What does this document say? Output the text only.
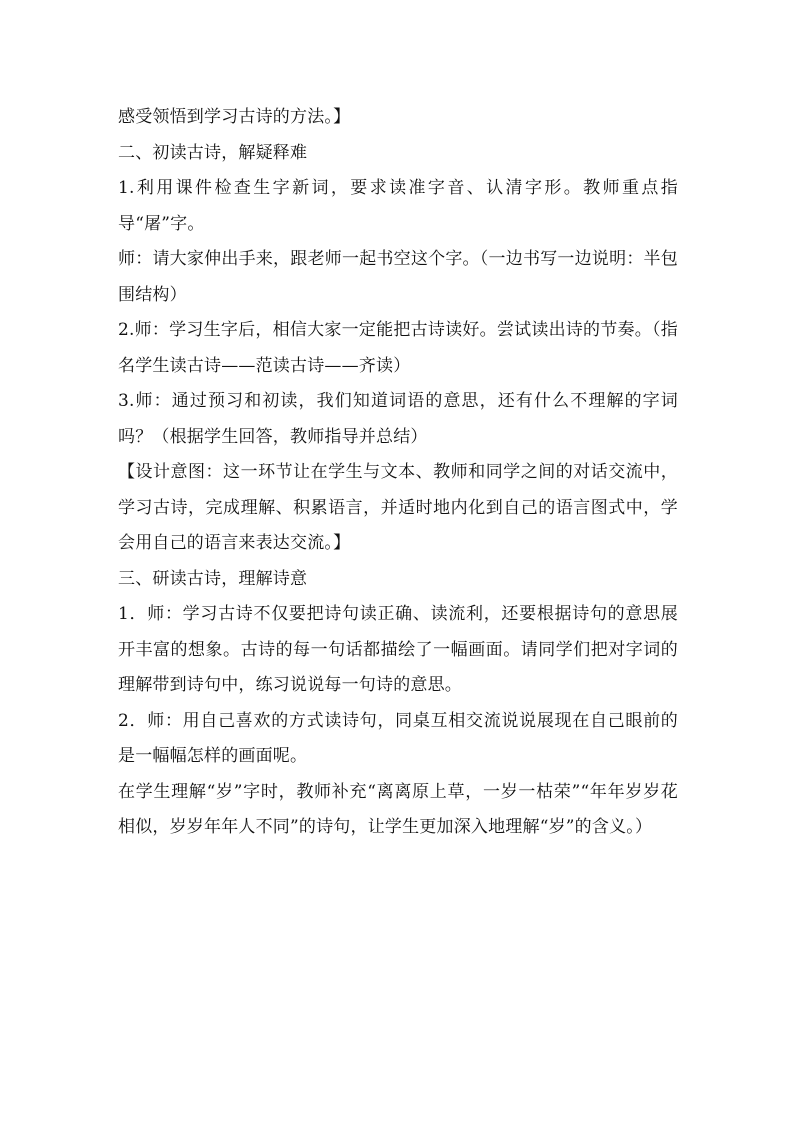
感受领悟到学习古诗的方法。】

二、初读古诗，解疑释难

1.利用课件检查生字新词，要求读准字音、认清字形。教师重点指导“屠”字。

师：请大家伸出手来，跟老师一起书空这个字。（一边书写一边说明：半包围结构）

2.师：学习生字后，相信大家一定能把古诗读好。尝试读出诗的节奏。（指名学生读古诗——范读古诗——齐读）

3.师：通过预习和初读，我们知道词语的意思，还有什么不理解的字词吗？（根据学生回答，教师指导并总结）

【设计意图：这一环节让在学生与文本、教师和同学之间的对话交流中，学习古诗，完成理解、积累语言，并适时地内化到自己的语言图式中，学会用自己的语言来表达交流。】

三、研读古诗，理解诗意

1．师：学习古诗不仅要把诗句读正确、读流利，还要根据诗句的意思展开丰富的想象。古诗的每一句话都描绘了一幅画面。请同学们把对字词的理解带到诗句中，练习说说每一句诗的意思。

2．师：用自己喜欢的方式读诗句，同桌互相交流说说展现在自己眼前的是一幅幅怎样的画面呢。

在学生理解“岁”字时，教师补充“离离原上草，一岁一枯荣”“年年岁岁花相似，岁岁年年人不同”的诗句，让学生更加深入地理解“岁”的含义。）
